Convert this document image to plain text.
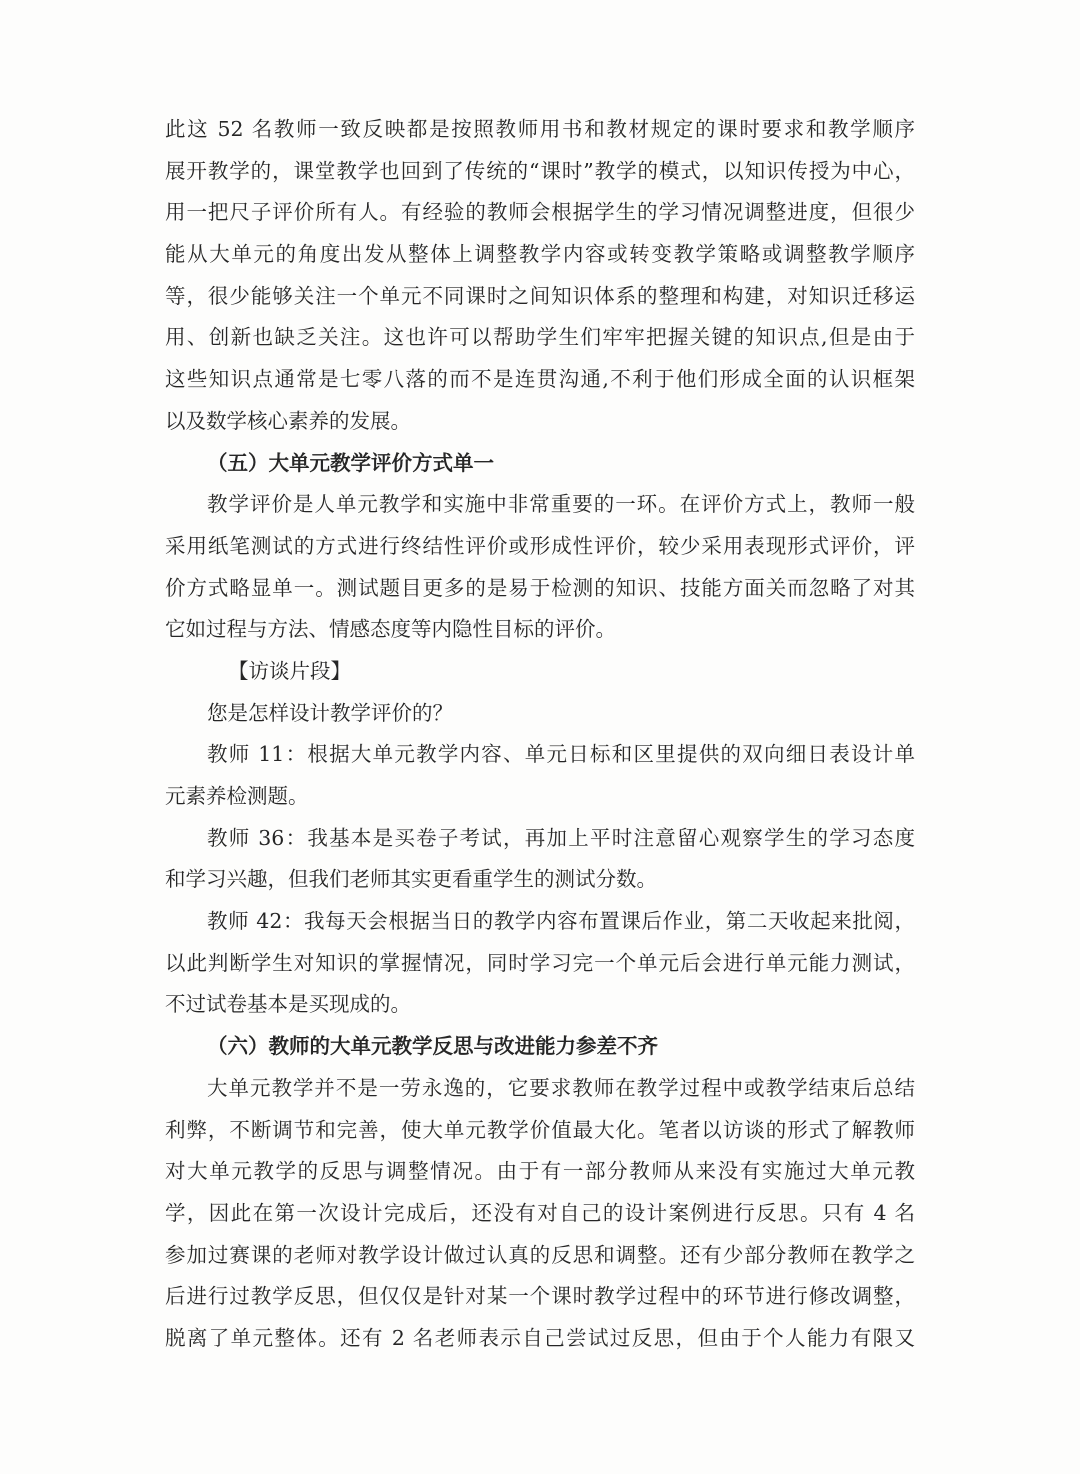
此这 52 名教师一致反映都是按照教师用书和教材规定的课时要求和教学顺序
展开教学的，课堂教学也回到了传统的“课时”教学的模式，以知识传授为中心，
用一把尺子评价所有人。有经验的教师会根据学生的学习情况调整进度，但很少
能从大单元的角度出发从整体上调整教学内容或转变教学策略或调整教学顺序
等，很少能够关注一个单元不同课时之间知识体系的整理和构建，对知识迁移运
用、创新也缺乏关注。这也许可以帮助学生们牢牢把握关键的知识点,但是由于
这些知识点通常是七零八落的而不是连贯沟通,不利于他们形成全面的认识框架
以及数学核心素养的发展。
（五）大单元教学评价方式单一
教学评价是人单元教学和实施中非常重要的一环。在评价方式上，教师一般
采用纸笔测试的方式进行终结性评价或形成性评价，较少采用表现形式评价，评
价方式略显单一。测试题目更多的是易于检测的知识、技能方面关而忽略了对其
它如过程与方法、情感态度等内隐性目标的评价。
【访谈片段】
您是怎样设计教学评价的？
教师 11：根据大单元教学内容、单元日标和区里提供的双向细日表设计单
元素养检测题。
教师 36：我基本是买卷子考试，再加上平时注意留心观察学生的学习态度
和学习兴趣，但我们老师其实更看重学生的测试分数。
教师 42：我每天会根据当日的教学内容布置课后作业，第二天收起来批阅，
以此判断学生对知识的掌握情况，同时学习完一个单元后会进行单元能力测试，
不过试卷基本是买现成的。
（六）教师的大单元教学反思与改进能力参差不齐
大单元教学并不是一劳永逸的，它要求教师在教学过程中或教学结束后总结
利弊，不断调节和完善，使大单元教学价值最大化。笔者以访谈的形式了解教师
对大单元教学的反思与调整情况。由于有一部分教师从来没有实施过大单元教
学，因此在第一次设计完成后，还没有对自己的设计案例进行反思。只有 4 名
参加过赛课的老师对教学设计做过认真的反思和调整。还有少部分教师在教学之
后进行过教学反思，但仅仅是针对某一个课时教学过程中的环节进行修改调整，
脱离了单元整体。还有 2 名老师表示自己尝试过反思，但由于个人能力有限又
